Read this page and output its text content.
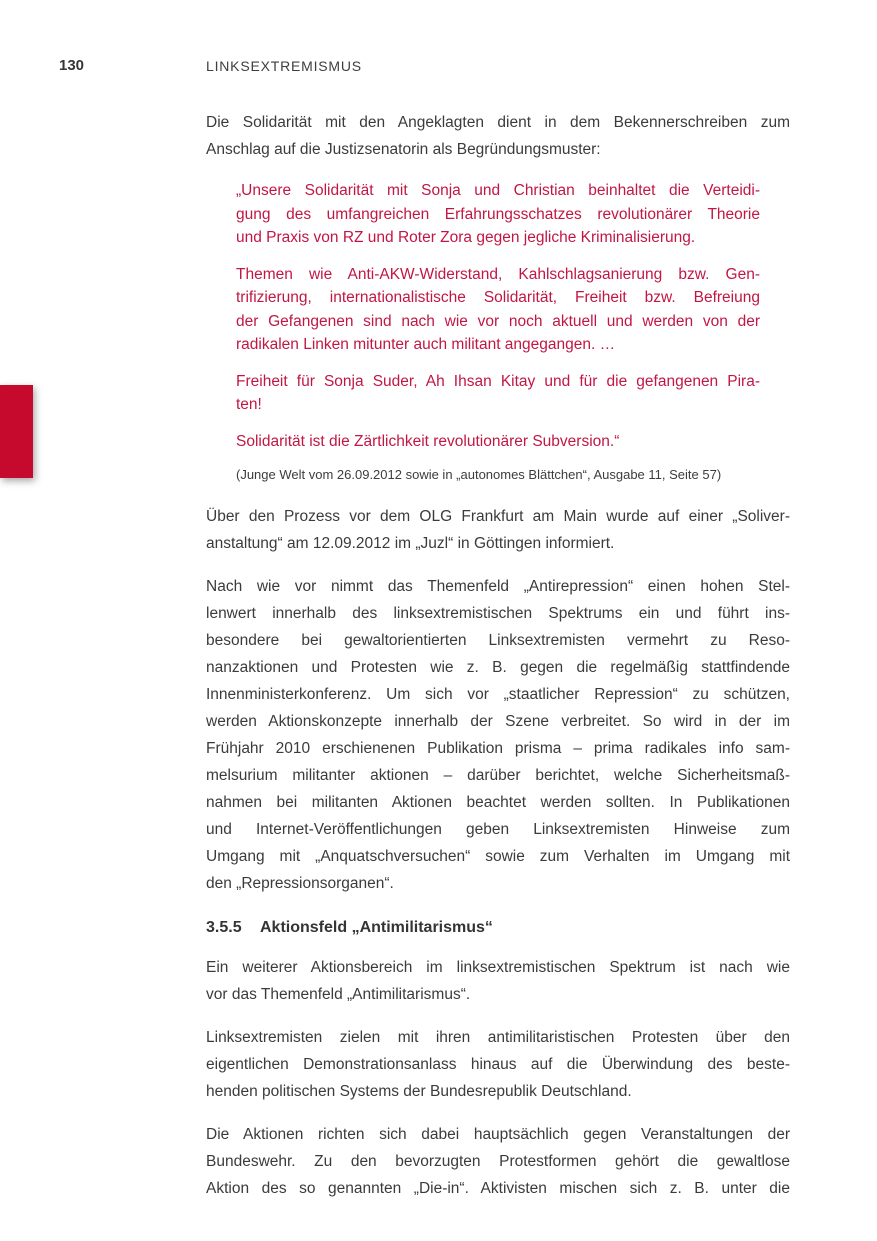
130	LINKSEXTREMISMUS
Die Solidarität mit den Angeklagten dient in dem Bekennerschreiben zum
Anschlag auf die Justizsenatorin als Begründungsmuster:
„Unsere Solidarität mit Sonja und Christian beinhaltet die Verteidi-
gung des umfangreichen Erfahrungsschatzes revolutionärer Theorie
und Praxis von RZ und Roter Zora gegen jegliche Kriminalisierung.
Themen wie Anti-AKW-Widerstand, Kahlschlagsanierung bzw. Gen-
trifizierung, internationalistische Solidarität, Freiheit bzw. Befreiung
der Gefangenen sind nach wie vor noch aktuell und werden von der
radikalen Linken mitunter auch militant angegangen. …
Freiheit für Sonja Suder, Ah Ihsan Kitay und für die gefangenen Pira-
ten!
Solidarität ist die Zärtlichkeit revolutionärer Subversion.“
(Junge Welt vom 26.09.2012 sowie in „autonomes Blättchen“, Ausgabe 11, Seite 57)
Über den Prozess vor dem OLG Frankfurt am Main wurde auf einer „Soliver-
anstaltung“ am 12.09.2012 im „Juzl“ in Göttingen informiert.
Nach wie vor nimmt das Themenfeld „Antirepression“ einen hohen Stel-
lenwert innerhalb des linksextremistischen Spektrums ein und führt ins-
besondere bei gewaltorientierten Linksextremisten vermehrt zu Reso-
nanzaktionen und Protesten wie z. B. gegen die regelmäßig stattfindende
Innenministerkonferenz. Um sich vor „staatlicher Repression“ zu schützen,
werden Aktionskonzepte innerhalb der Szene verbreitet. So wird in der im
Frühjahr 2010 erschienenen Publikation prisma – prima radikales info sam-
melsurium militanter aktionen – darüber berichtet, welche Sicherheitsmaß-
nahmen bei militanten Aktionen beachtet werden sollten. In Publikationen
und Internet-Veröffentlichungen geben Linksextremisten Hinweise zum
Umgang mit „Anquatschversuchen“ sowie zum Verhalten im Umgang mit
den „Repressionsorganen“.
3.5.5 Aktionsfeld „Antimilitarismus“
Ein weiterer Aktionsbereich im linksextremistischen Spektrum ist nach wie
vor das Themenfeld „Antimilitarismus“.
Linksextremisten zielen mit ihren antimilitaristischen Protesten über den
eigentlichen Demonstrationsanlass hinaus auf die Überwindung des beste-
henden politischen Systems der Bundesrepublik Deutschland.
Die Aktionen richten sich dabei hauptsächlich gegen Veranstaltungen der
Bundeswehr. Zu den bevorzugten Protestformen gehört die gewaltlose
Aktion des so genannten „Die-in“. Aktivisten mischen sich z. B. unter die
